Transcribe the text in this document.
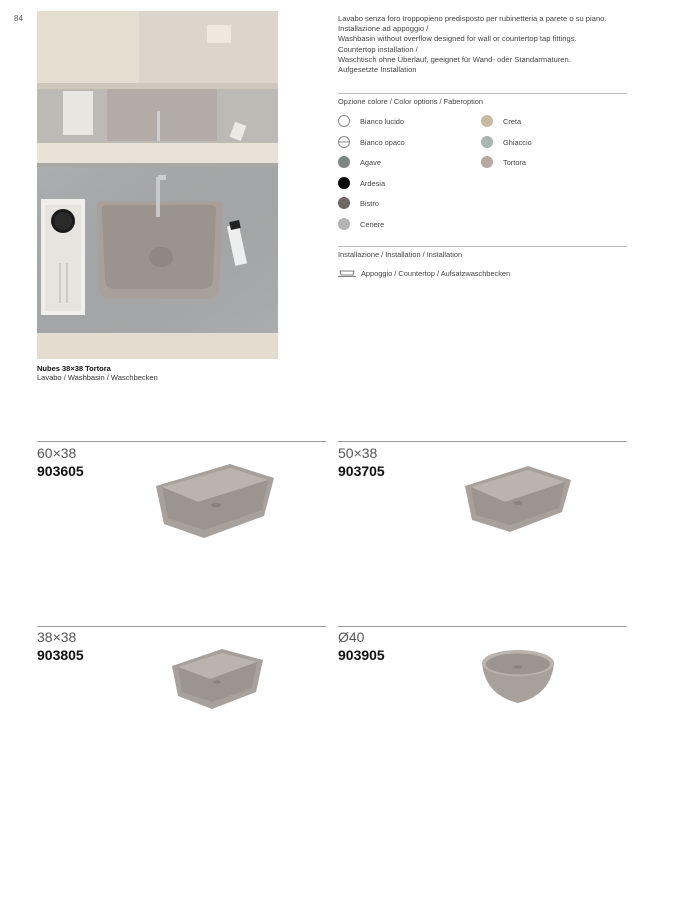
84
Nubes 38×38 Tortora
Lavabo / Washbasin / Waschbecken
Lavabo senza foro troppopieno predisposto per rubinetteria a parete o su piano.
Installazione ad appoggio /
Washbasin without overflow designed for wall or countertop tap fittings.
Countertop installation /
Waschtisch ohne Überlauf, geeignet für Wand- oder Standarmaturen.
Aufgesetzte Installation
Opzione colore / Color options / Faberoption
Bianco lucido
Bianco opaco
Agave
Ardesia
Bistro
Cenere
Creta
Ghiaccio
Tortora
Installazione / Installation / Installation
Appoggio / Countertop / Aufsatzwaschbecken
60×38
903605
50×38
903705
38×38
903805
Ø40
903905
